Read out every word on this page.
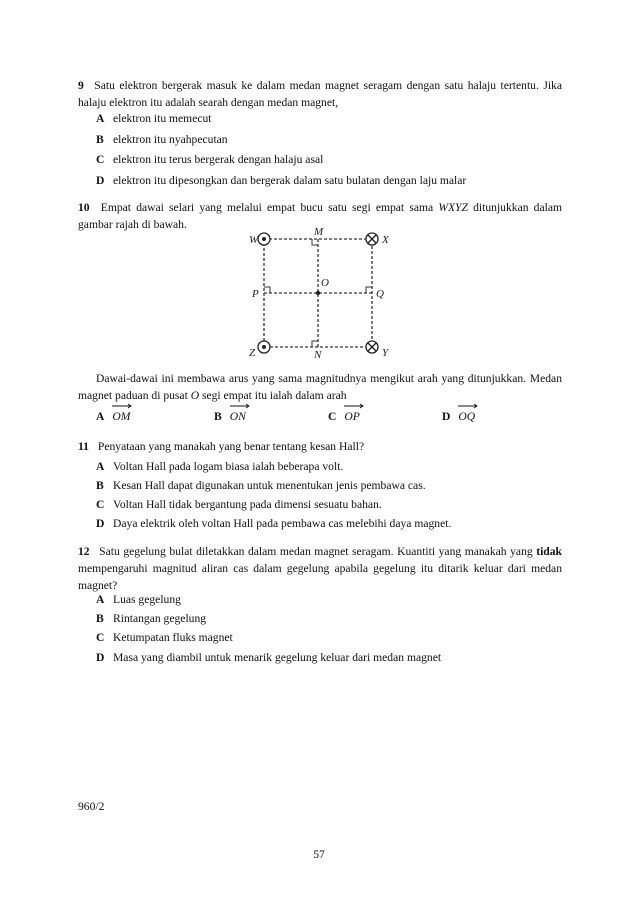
9 Satu elektron bergerak masuk ke dalam medan magnet seragam dengan satu halaju tertentu. Jika halaju elektron itu adalah searah dengan medan magnet,
A elektron itu memecut
B elektron itu nyahpecutan
C elektron itu terus bergerak dengan halaju asal
D elektron itu dipesongkan dan bergerak dalam satu bulatan dengan laju malar
10 Empat dawai selari yang melalui empat bucu satu segi empat sama WXYZ ditunjukkan dalam gambar rajah di bawah.
W	X
Z	Y
M
N
O
P	Q
Dawai-dawai ini membawa arus yang sama magnitudnya mengikut arah yang ditunjukkan. Medan magnet paduan di pusat O segi empat itu ialah dalam arah
A OM	B ON	C OP	D OQ
11 Penyataan yang manakah yang benar tentang kesan Hall?
A Voltan Hall pada logam biasa ialah beberapa volt.
B Kesan Hall dapat digunakan untuk menentukan jenis pembawa cas.
C Voltan Hall tidak bergantung pada dimensi sesuatu bahan.
D Daya elektrik oleh voltan Hall pada pembawa cas melebihi daya magnet.
12 Satu gegelung bulat diletakkan dalam medan magnet seragam. Kuantiti yang manakah yang tidak mempengaruhi magnitud aliran cas dalam gegelung apabila gegelung itu ditarik keluar dari medan magnet?
A Luas gegelung
B Rintangan gegelung
C Ketumpatan fluks magnet
D Masa yang diambil untuk menarik gegelung keluar dari medan magnet
960/2
57
